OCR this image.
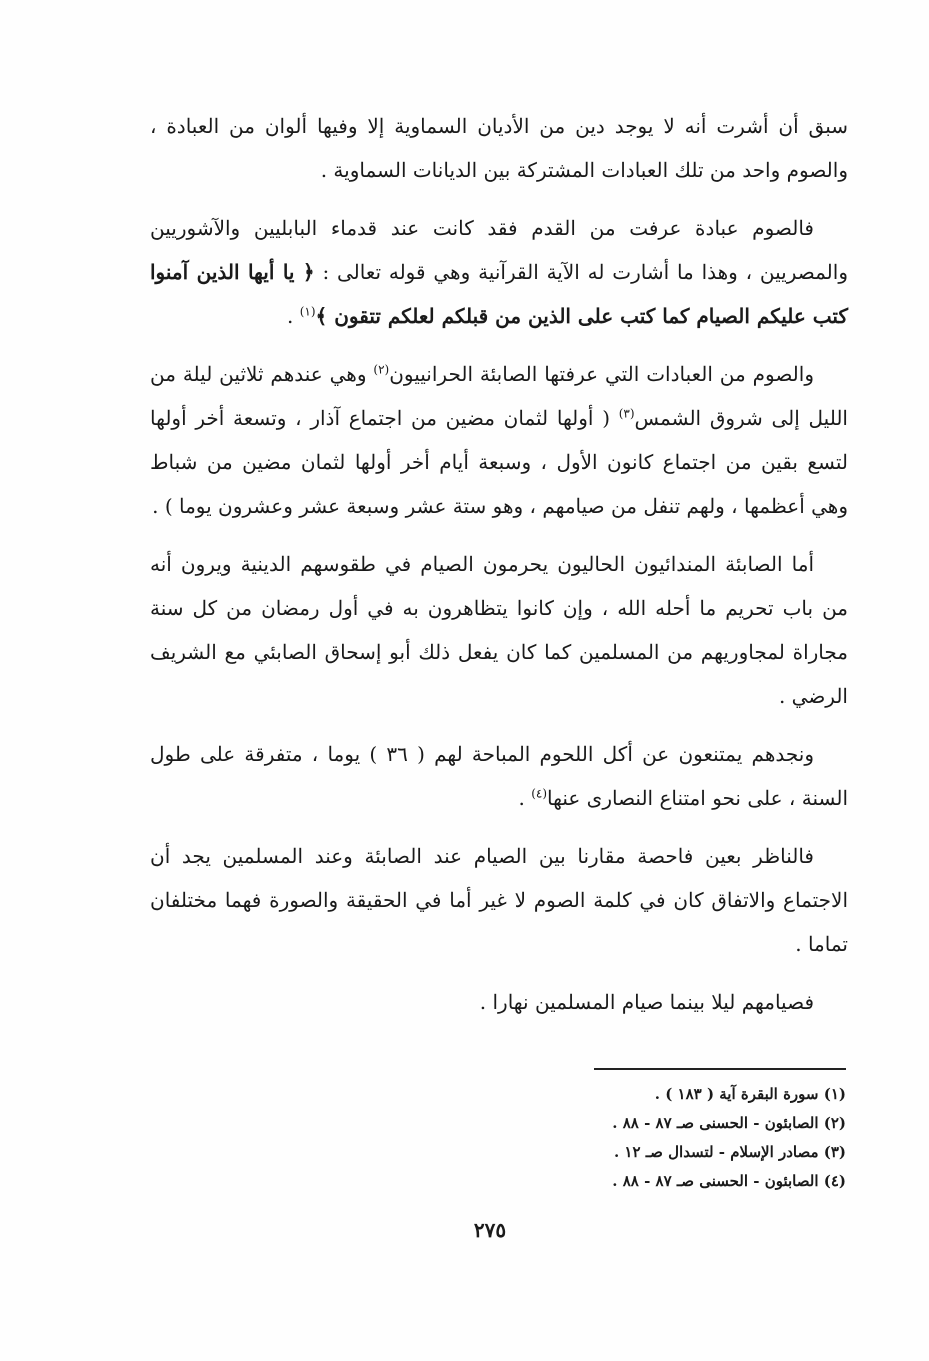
سبق أن أشرت أنه لا يوجد دين من الأديان السماوية إلا وفيها ألوان من العبادة ، والصوم واحد من تلك العبادات المشتركة بين الديانات السماوية .

فالصوم عبادة عرفت من القدم فقد كانت عند قدماء البابليين والآشوريين والمصريين ، وهذا ما أشارت له الآية القرآنية وهي قوله تعالى : ﴿ يا أيها الذين آمنوا كتب عليكم الصيام كما كتب على الذين من قبلكم لعلكم تتقون ﴾$^{(١)}$ .

والصوم من العبادات التي عرفتها الصابئة الحرانييون$^{(٢)}$ وهي عندهم ثلاثين ليلة من الليل إلى شروق الشمس$^{(٣)}$ ( أولها لثمان مضين من اجتماع آذار ، وتسعة أخر أولها لتسع بقين من اجتماع كانون الأول ، وسبعة أيام أخر أولها لثمان مضين من شباط وهي أعظمها ، ولهم تنفل من صيامهم ، وهو ستة عشر وسبعة عشر وعشرون يوما ) .

أما الصابئة المندائيون الحاليون يحرمون الصيام في طقوسهم الدينية ويرون أنه من باب تحريم ما أحله الله ، وإن كانوا يتظاهرون به في أول رمضان من كل سنة مجاراة لمجاوريهم من المسلمين كما كان يفعل ذلك أبو إسحاق الصابئي مع الشريف الرضي .

ونجدهم يمتنعون عن أكل اللحوم المباحة لهم ( ٣٦ ) يوما ، متفرقة على طول السنة ، على نحو امتناع النصارى عنها$^{(٤)}$ .

فالناظر بعين فاحصة مقارنا بين الصيام عند الصابئة وعند المسلمين يجد أن الاجتماع والاتفاق كان في كلمة الصوم لا غير أما في الحقيقة والصورة فهما مختلفان تماما .

فصيامهم ليلا بينما صيام المسلمين نهارا .

(١) سورة البقرة آية ( ١٨٣ ) .

(٢) الصابئون - الحسنى صـ ٨٧ - ٨٨ .

(٣) مصادر الإسلام - لتسدال صـ ١٢ .

(٤) الصابئون - الحسنى صـ ٨٧ - ٨٨ .

٢٧٥
